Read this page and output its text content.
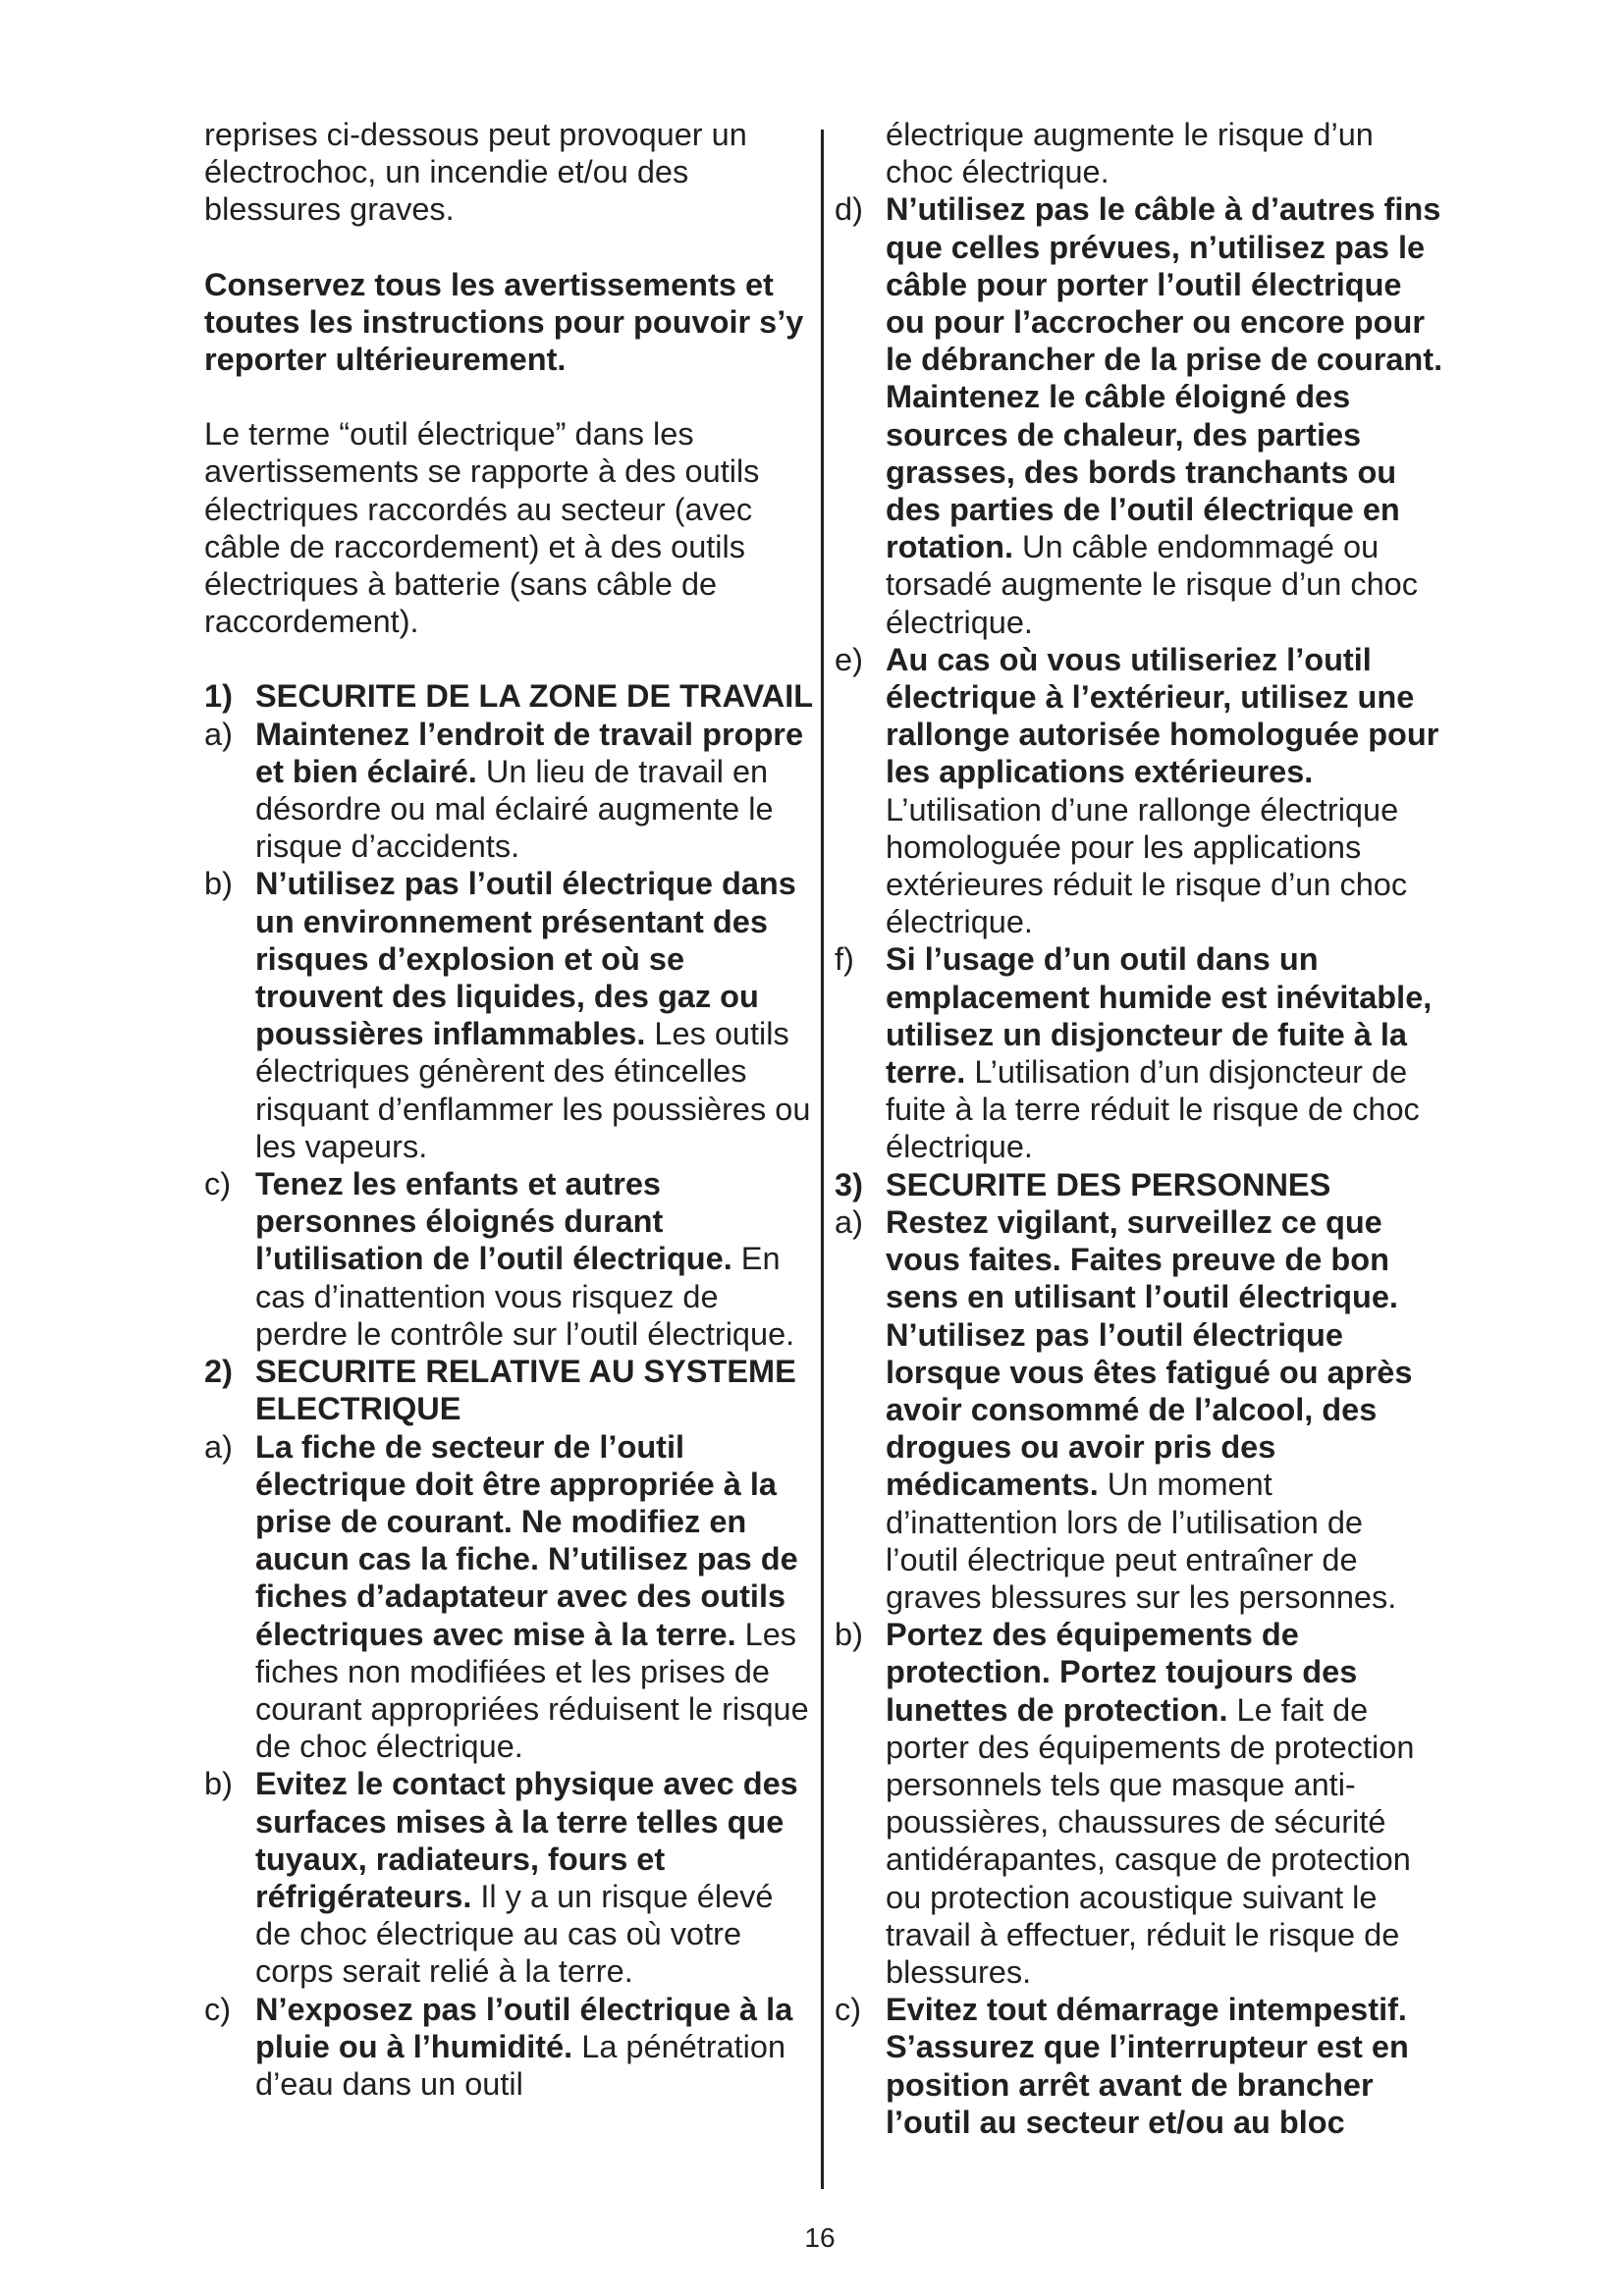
reprises ci-dessous peut provoquer un électrochoc, un incendie et/ou des blessures graves.

Conservez tous les avertissements et toutes les instructions pour pouvoir s’y reporter ultérieurement.

Le terme “outil électrique” dans les avertissements se rapporte à des outils électriques raccordés au secteur (avec câble de raccordement) et à des outils électriques à batterie (sans câble de raccordement).

1) SECURITE DE LA ZONE DE TRAVAIL
a) Maintenez l’endroit de travail propre et bien éclairé. Un lieu de travail en désordre ou mal éclairé augmente le risque d’accidents.
b) N’utilisez pas l’outil électrique dans un environnement présentant des risques d’explosion et où se trouvent des liquides, des gaz ou poussières inflammables. Les outils électriques génèrent des étincelles risquant d’enflammer les poussières ou les vapeurs.
c) Tenez les enfants et autres personnes éloignés durant l’utilisation de l’outil électrique. En cas d’inattention vous risquez de perdre le contrôle sur l’outil électrique.
2) SECURITE RELATIVE AU SYSTEME ELECTRIQUE
a) La fiche de secteur de l’outil électrique doit être appropriée à la prise de courant. Ne modifiez en aucun cas la fiche. N’utilisez pas de fiches d’adaptateur avec des outils électriques avec mise à la terre. Les fiches non modifiées et les prises de courant appropriées réduisent le risque de choc électrique.
b) Evitez le contact physique avec des surfaces mises à la terre telles que tuyaux, radiateurs, fours et réfrigérateurs. Il y a un risque élevé de choc électrique au cas où votre corps serait relié à la terre.
c) N’exposez pas l’outil électrique à la pluie ou à l’humidité. La pénétration d’eau dans un outil

électrique augmente le risque d’un choc électrique.

d) N’utilisez pas le câble à d’autres fins que celles prévues, n’utilisez pas le câble pour porter l’outil électrique ou pour l’accrocher ou encore pour le débrancher de la prise de courant. Maintenez le câble éloigné des sources de chaleur, des parties grasses, des bords tranchants ou des parties de l’outil électrique en rotation. Un câble endommagé ou torsadé augmente le risque d’un choc électrique.
e) Au cas où vous utiliseriez l’outil électrique à l’extérieur, utilisez une rallonge autorisée homologuée pour les applications extérieures. L’utilisation d’une rallonge électrique homologuée pour les applications extérieures réduit le risque d’un choc électrique.
f) Si l’usage d’un outil dans un emplacement humide est inévitable, utilisez un disjoncteur de fuite à la terre. L’utilisation d’un disjoncteur de fuite à la terre réduit le risque de choc électrique.
3) SECURITE DES PERSONNES
a) Restez vigilant, surveillez ce que vous faites. Faites preuve de bon sens en utilisant l’outil électrique. N’utilisez pas l’outil électrique lorsque vous êtes fatigué ou après avoir consommé de l’alcool, des drogues ou avoir pris des médicaments. Un moment d’inattention lors de l’utilisation de l’outil électrique peut entraîner de graves blessures sur les personnes.
b) Portez des équipements de protection. Portez toujours des lunettes de protection. Le fait de porter des équipements de protection personnels tels que masque anti-poussières, chaussures de sécurité antidérapantes, casque de protection ou protection acoustique suivant le travail à effectuer, réduit le risque de blessures.
c) Evitez tout démarrage intempestif. S’assurez que l’interrupteur est en position arrêt avant de brancher l’outil au secteur et/ou au bloc
16
